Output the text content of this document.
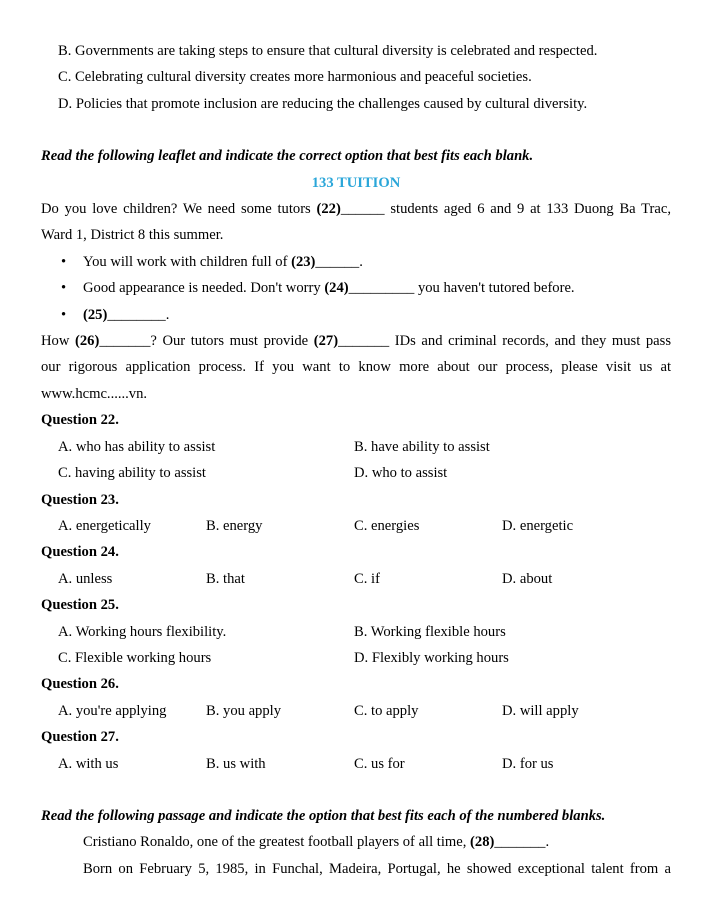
B. Governments are taking steps to ensure that cultural diversity is celebrated and respected.
C. Celebrating cultural diversity creates more harmonious and peaceful societies.
D. Policies that promote inclusion are reducing the challenges caused by cultural diversity.
Read the following leaflet and indicate the correct option that best fits each blank.
133 TUITION
Do you love children? We need some tutors (22)______ students aged 6 and 9 at 133 Duong Ba Trac,
Ward 1, District 8 this summer.
• You will work with children full of (23)______.
• Good appearance is needed. Don't worry (24)_________ you haven't tutored before.
• (25)________.
How (26)_______? Our tutors must provide (27)_______ IDs and criminal records, and they must pass
our rigorous application process. If you want to know more about our process, please visit us at
www.hcmc......vn.
Question 22.
A. who has ability to assist	B. have ability to assist
C. having ability to assist	D. who to assist
Question 23.
A. energetically	B. energy	C. energies	D. energetic
Question 24.
A. unless	B. that	C. if	D. about
Question 25.
A. Working hours flexibility.	B. Working flexible hours
C. Flexible working hours	D. Flexibly working hours
Question 26.
A. you're applying	B. you apply	C. to apply	D. will apply
Question 27.
A. with us	B. us with	C. us for	D. for us
Read the following passage and indicate the option that best fits each of the numbered blanks.
Cristiano Ronaldo, one of the greatest football players of all time, (28)_______.
Born on February 5, 1985, in Funchal, Madeira, Portugal, he showed exceptional talent from a
